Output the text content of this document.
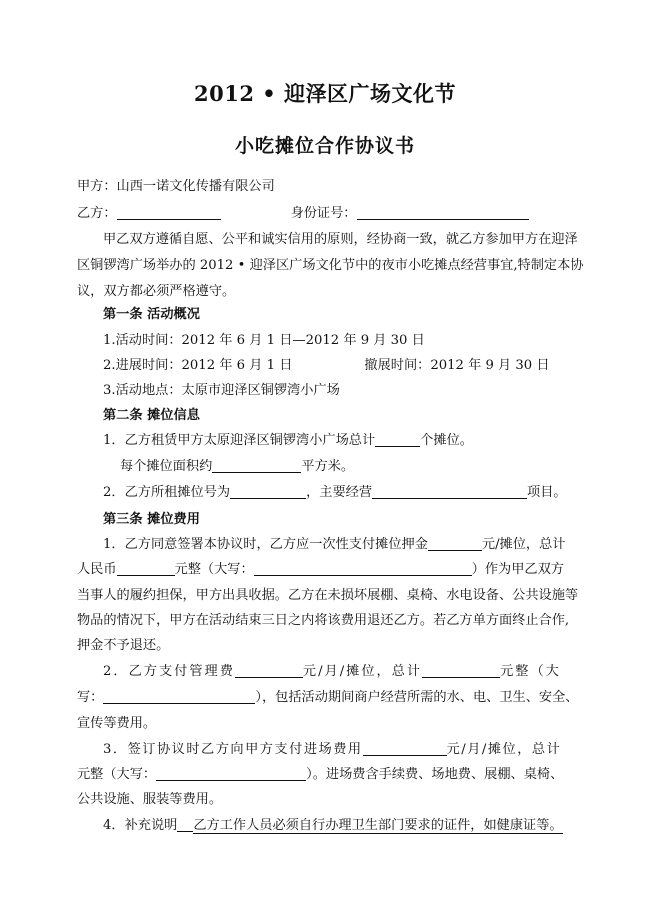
2012 • 迎泽区广场文化节
小吃摊位合作协议书
甲方：山西一诺文化传播有限公司
乙方：	身份证号：
甲乙双方遵循自愿、公平和诚实信用的原则，经协商一致，就乙方参加甲方在迎泽
区铜锣湾广场举办的 2012 • 迎泽区广场文化节中的夜市小吃摊点经营事宜,特制定本协
议，双方都必须严格遵守。
第一条 活动概况
1.活动时间：2012 年 6 月 1 日—2012 年 9 月 30 日
2.进展时间：2012 年 6 月 1 日	撤展时间：2012 年 9 月 30 日
3.活动地点：太原市迎泽区铜锣湾小广场
第二条 摊位信息
1．乙方租赁甲方太原迎泽区铜锣湾小广场总计	个摊位。
每个摊位面积约	平方米。
2．乙方所租摊位号为	，主要经营	项目。
第三条 摊位费用
1．乙方同意签署本协议时，乙方应一次性支付摊位押金	元/摊位，总计
人民币	元整（大写：	）作为甲乙双方
当事人的履约担保，甲方出具收据。乙方在未损坏展棚、桌椅、水电设备、公共设施等
物品的情况下，甲方在活动结束三日之内将该费用退还乙方。若乙方单方面终止合作,
押金不予退还。
2．乙方支付管理费	元/月/摊位，总计	元整（大
写：	），包括活动期间商户经营所需的水、电、卫生、安全、
宣传等费用。
3．签订协议时乙方向甲方支付进场费用	元/月/摊位，总计
元整（大写：	）。进场费含手续费、场地费、展棚、桌椅、
公共设施、服装等费用。
4．补充说明 乙方工作人员必须自行办理卫生部门要求的证件，如健康证等。
